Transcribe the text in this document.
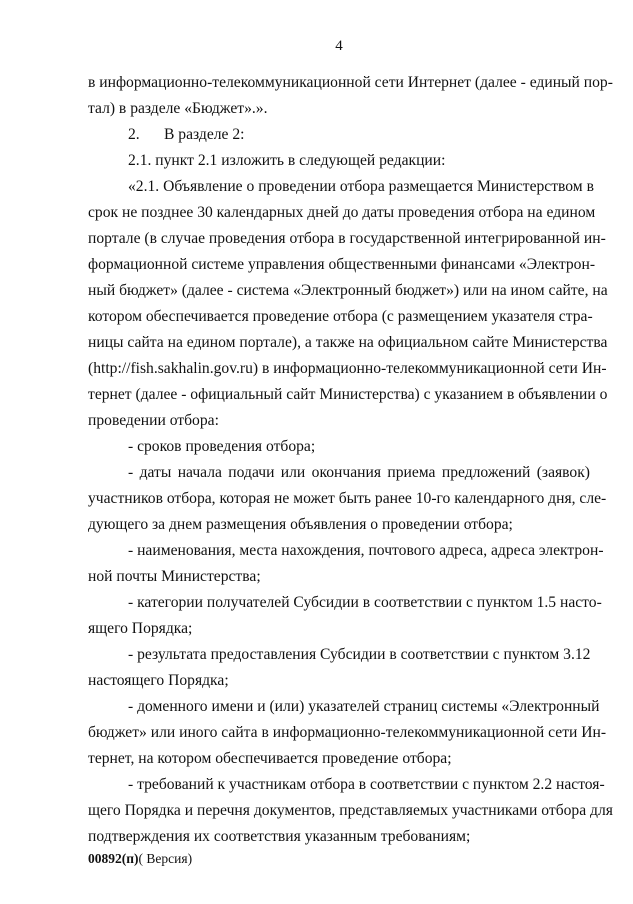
4
в информационно-телекоммуникационной сети Интернет (далее - единый пор-
тал) в разделе «Бюджет».».
2. В разделе 2:
2.1. пункт 2.1 изложить в следующей редакции:
«2.1. Объявление о проведении отбора размещается Министерством в
срок не позднее 30 календарных дней до даты проведения отбора на едином
портале (в случае проведения отбора в государственной интегрированной ин-
формационной системе управления общественными финансами «Электрон-
ный бюджет» (далее - система «Электронный бюджет») или на ином сайте, на
котором обеспечивается проведение отбора (с размещением указателя стра-
ницы сайта на едином портале), а также на официальном сайте Министерства
(http://fish.sakhalin.gov.ru) в информационно-телекоммуникационной сети Ин-
тернет (далее - официальный сайт Министерства) с указанием в объявлении о
проведении отбора:
- сроков проведения отбора;
- даты начала подачи или окончания приема предложений (заявок)
участников отбора, которая не может быть ранее 10-го календарного дня, сле-
дующего за днем размещения объявления о проведении отбора;
- наименования, места нахождения, почтового адреса, адреса электрон-
ной почты Министерства;
- категории получателей Субсидии в соответствии с пунктом 1.5 насто-
ящего Порядка;
- результата предоставления Субсидии в соответствии с пунктом 3.12
настоящего Порядка;
- доменного имени и (или) указателей страниц системы «Электронный
бюджет» или иного сайта в информационно-телекоммуникационной сети Ин-
тернет, на котором обеспечивается проведение отбора;
- требований к участникам отбора в соответствии с пунктом 2.2 настоя-
щего Порядка и перечня документов, представляемых участниками отбора для
подтверждения их соответствия указанным требованиям;
00892(п)( Версия)
